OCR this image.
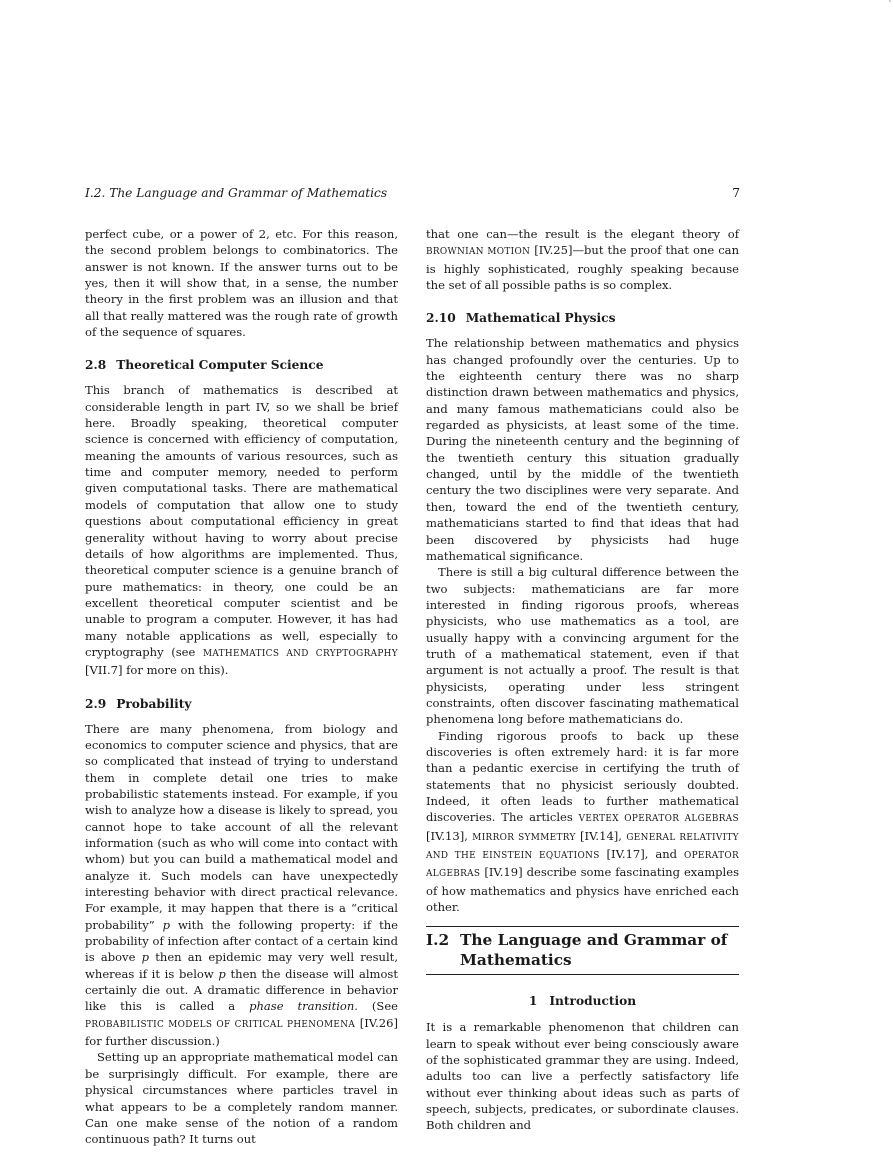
`
I.2. The Language and Grammar of Mathematics	7

perfect cube, or a power of 2, etc. For this reason, the second problem belongs to combinatorics. The answer is not known. If the answer turns out to be yes, then it will show that, in a sense, the number theory in the first problem was an illusion and that all that really mattered was the rough rate of growth of the sequence of squares.

2.8 Theoretical Computer Science

This branch of mathematics is described at considerable length in part IV, so we shall be brief here. Broadly speaking, theoretical computer science is concerned with efficiency of computation, meaning the amounts of various resources, such as time and computer memory, needed to perform given computational tasks. There are mathematical models of computation that allow one to study questions about computational efficiency in great generality without having to worry about precise details of how algorithms are implemented. Thus, theoretical computer science is a genuine branch of pure mathematics: in theory, one could be an excellent theoretical computer scientist and be unable to program a computer. However, it has had many notable applications as well, especially to cryptography (see MATHEMATICS AND CRYPTOGRAPHY [VII.7] for more on this).

2.9 Probability

There are many phenomena, from biology and economics to computer science and physics, that are so complicated that instead of trying to understand them in complete detail one tries to make probabilistic statements instead. For example, if you wish to analyze how a disease is likely to spread, you cannot hope to take account of all the relevant information (such as who will come into contact with whom) but you can build a mathematical model and analyze it. Such models can have unexpectedly interesting behavior with direct practical relevance. For example, it may happen that there is a “critical probability” p with the following property: if the probability of infection after contact of a certain kind is above p then an epidemic may very well result, whereas if it is below p then the disease will almost certainly die out. A dramatic difference in behavior like this is called a phase transition. (See PROBABILISTIC MODELS OF CRITICAL PHENOMENA [IV.26] for further discussion.)

Setting up an appropriate mathematical model can be surprisingly difficult. For example, there are physical circumstances where particles travel in what appears to be a completely random manner. Can one make sense of the notion of a random continuous path? It turns out

that one can—the result is the elegant theory of BROWNIAN MOTION [IV.25]—but the proof that one can is highly sophisticated, roughly speaking because the set of all possible paths is so complex.

2.10 Mathematical Physics

The relationship between mathematics and physics has changed profoundly over the centuries. Up to the eighteenth century there was no sharp distinction drawn between mathematics and physics, and many famous mathematicians could also be regarded as physicists, at least some of the time. During the nineteenth century and the beginning of the twentieth century this situation gradually changed, until by the middle of the twentieth century the two disciplines were very separate. And then, toward the end of the twentieth century, mathematicians started to find that ideas that had been discovered by physicists had huge mathematical significance.

There is still a big cultural difference between the two subjects: mathematicians are far more interested in finding rigorous proofs, whereas physicists, who use mathematics as a tool, are usually happy with a convincing argument for the truth of a mathematical statement, even if that argument is not actually a proof. The result is that physicists, operating under less stringent constraints, often discover fascinating mathematical phenomena long before mathematicians do.

Finding rigorous proofs to back up these discoveries is often extremely hard: it is far more than a pedantic exercise in certifying the truth of statements that no physicist seriously doubted. Indeed, it often leads to further mathematical discoveries. The articles VERTEX OPERATOR ALGEBRAS [IV.13], MIRROR SYMMETRY [IV.14], GENERAL RELATIVITY AND THE EINSTEIN EQUATIONS [IV.17], and OPERATOR ALGEBRAS [IV.19] describe some fascinating examples of how mathematics and physics have enriched each other.

I.2 The Language and Grammar of Mathematics
1 Introduction

It is a remarkable phenomenon that children can learn to speak without ever being consciously aware of the sophisticated grammar they are using. Indeed, adults too can live a perfectly satisfactory life without ever thinking about ideas such as parts of speech, subjects, predicates, or subordinate clauses. Both children and
